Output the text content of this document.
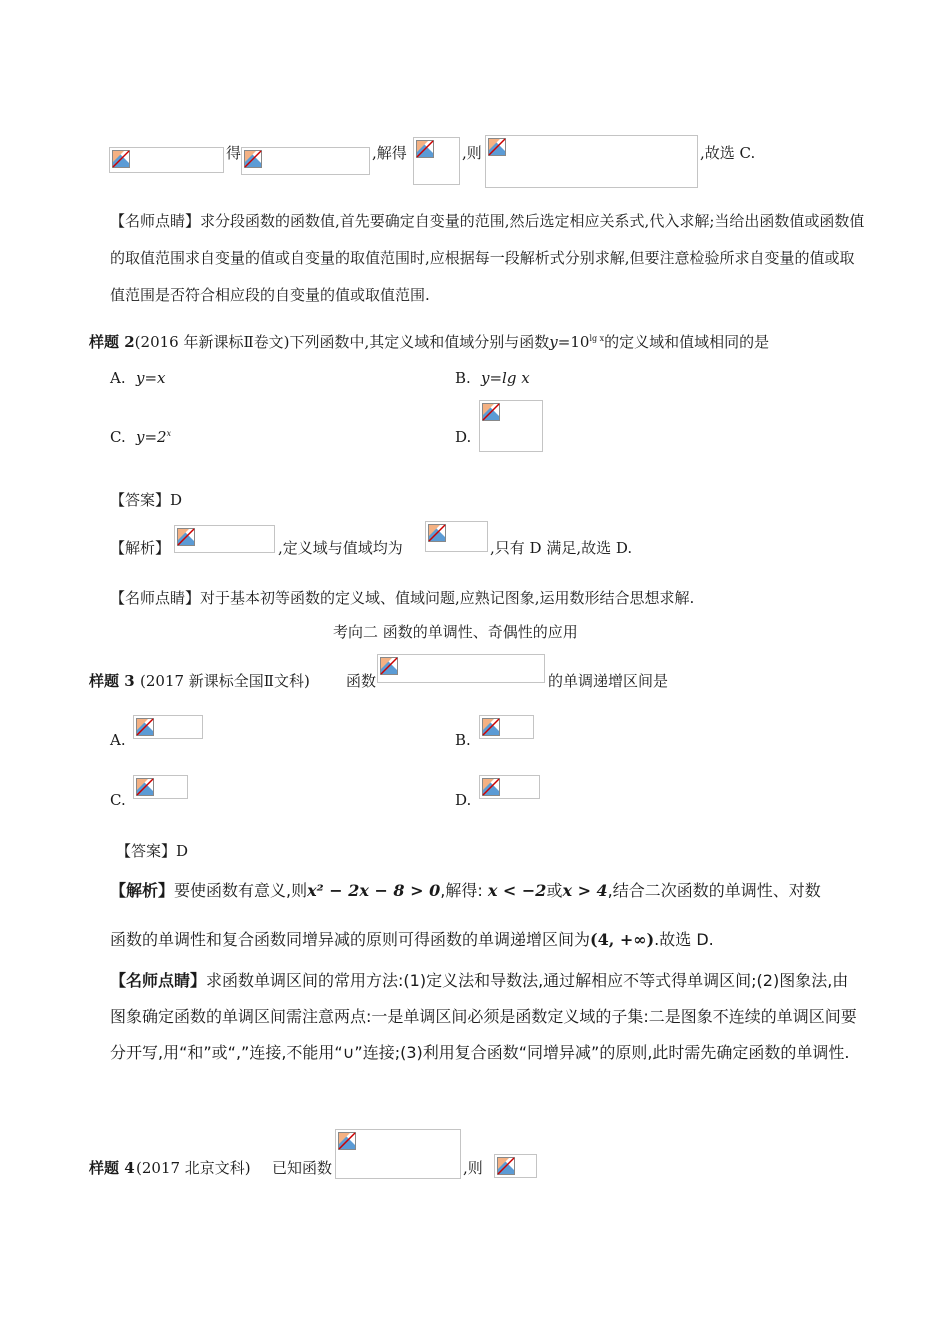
得	,解得	,则	,故选 C.
【名师点睛】求分段函数的函数值,首先要确定自变量的范围,然后选定相应关系式,代入求解;当给出函数值或函数值的取值范围求自变量的值或自变量的取值范围时,应根据每一段解析式分别求解,但要注意检验所求自变量的值或取值范围是否符合相应段的自变量的值或取值范围.
样题 2(2016 年新课标Ⅱ卷文)下列函数中,其定义域和值域分别与函数$y=10^{lg x}$的定义域和值域相同的是
A. y=x	B. y=lg x
C. $y=2^x$	D.
【答案】D
【解析】	,定义域与值域均为	,只有 D 满足,故选 D.
【名师点睛】对于基本初等函数的定义域、值域问题,应熟记图象,运用数形结合思想求解.
考向二 函数的单调性、奇偶性的应用
样题 3 (2017 新课标全国Ⅱ文科) 函数	的单调递增区间是
A.	B.
C.	D.
【答案】D
【解析】要使函数有意义,则x² − 2x − 8 > 0,解得: x < −2或x > 4,结合二次函数的单调性、对数
函数的单调性和复合函数同增异减的原则可得函数的单调递增区间为(4, +∞).故选 D.
【名师点睛】求函数单调区间的常用方法:(1)定义法和导数法,通过解相应不等式得单调区间;(2)图象法,由图象确定函数的单调区间需注意两点:一是单调区间必须是函数定义域的子集:二是图象不连续的单调区间要分开写,用“和”或“,”连接,不能用“∪”连接;(3)利用复合函数“同增异减”的原则,此时需先确定函数的单调性.
样题 4 (2017 北京文科) 已知函数	,则
